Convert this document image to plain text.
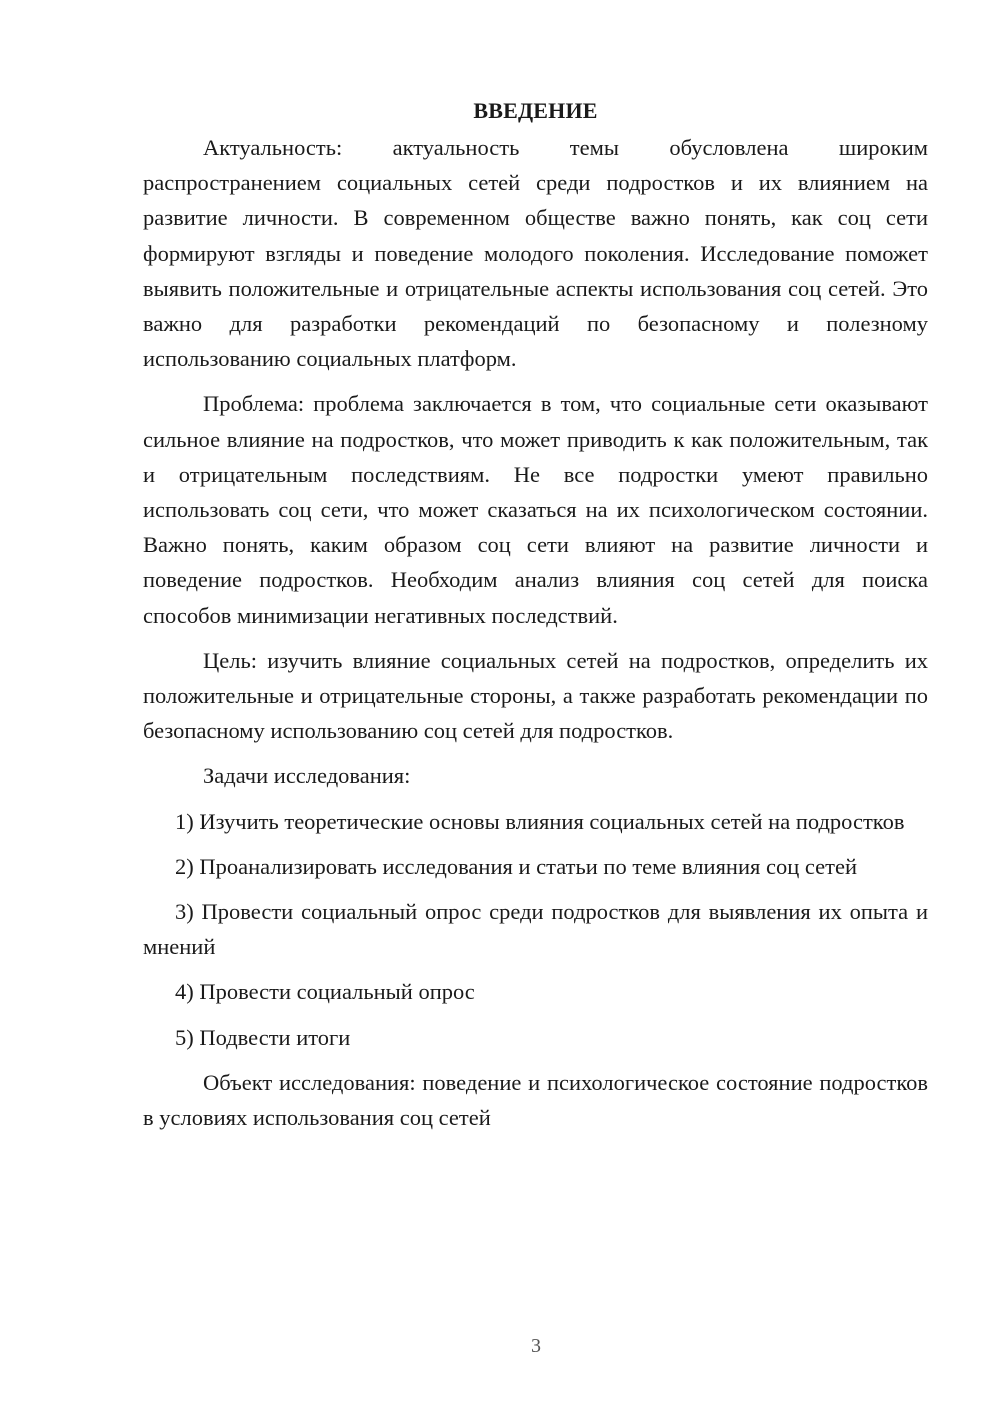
ВВЕДЕНИЕ

Актуальность: актуальность темы обусловлена широким распространением социальных сетей среди подростков и их влиянием на развитие личности. В современном обществе важно понять, как соц сети формируют взгляды и поведение молодого поколения. Исследование поможет выявить положительные и отрицательные аспекты использования соц сетей. Это важно для разработки рекомендаций по безопасному и полезному использованию социальных платформ.

Проблема: проблема заключается в том, что социальные сети оказывают сильное влияние на подростков, что может приводить к как положительным, так и отрицательным последствиям. Не все подростки умеют правильно использовать соц сети, что может сказаться на их психологическом состоянии. Важно понять, каким образом соц сети влияют на развитие личности и поведение подростков. Необходим анализ влияния соц сетей для поиска способов минимизации негативных последствий.

Цель: изучить влияние социальных сетей на подростков, определить их положительные и отрицательные стороны, а также разработать рекомендации по безопасному использованию соц сетей для подростков.

Задачи исследования:

1) Изучить теоретические основы влияния социальных сетей на подростков

2) Проанализировать исследования и статьи по теме влияния соц сетей

3) Провести социальный опрос среди подростков для выявления их опыта и мнений

4) Провести социальный опрос

5) Подвести итоги

Объект исследования: поведение и психологическое состояние подростков в условиях использования соц сетей

3
